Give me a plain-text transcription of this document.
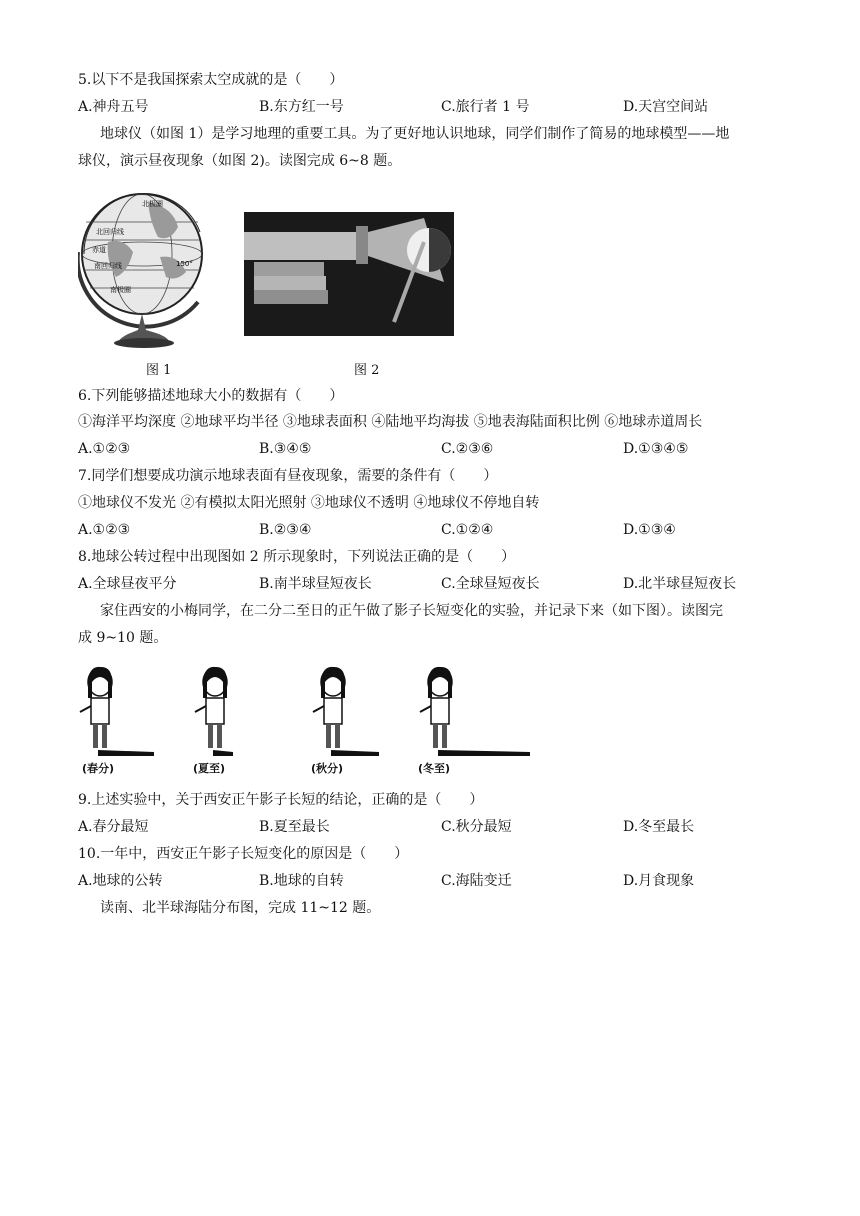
5.以下不是我国探索太空成就的是（　　）
A.神舟五号	B.东方红一号	C.旅行者 1 号	D.天宫空间站
地球仪（如图 1）是学习地理的重要工具。为了更好地认识地球，同学们制作了简易的地球模型——地
球仪，演示昼夜现象（如图 2)。读图完成 6~8 题。
北极圈
北回归线
赤道
南回归线
南极圈
150°
图 1	图 2
6.下列能够描述地球大小的数据有（　　）
①海洋平均深度 ②地球平均半径 ③地球表面积 ④陆地平均海拔 ⑤地表海陆面积比例 ⑥地球赤道周长
A.①②③	B.③④⑤	C.②③⑥	D.①③④⑤
7.同学们想要成功演示地球表面有昼夜现象，需要的条件有（　　）
①地球仪不发光 ②有模拟太阳光照射 ③地球仪不透明 ④地球仪不停地自转
A.①②③	B.②③④	C.①②④	D.①③④
8.地球公转过程中出现图如 2 所示现象时，下列说法正确的是（　　）
A.全球昼夜平分	B.南半球昼短夜长	C.全球昼短夜长	D.北半球昼短夜长
家住西安的小梅同学，在二分二至日的正午做了影子长短变化的实验，并记录下来（如下图）。读图完
成 9~10 题。
(春分)	(夏至)	(秋分)	(冬至)
9.上述实验中，关于西安正午影子长短的结论，正确的是（　　）
A.春分最短	B.夏至最长	C.秋分最短	D.冬至最长
10.一年中，西安正午影子长短变化的原因是（　　）
A.地球的公转	B.地球的自转	C.海陆变迁	D.月食现象
读南、北半球海陆分布图，完成 11~12 题。
